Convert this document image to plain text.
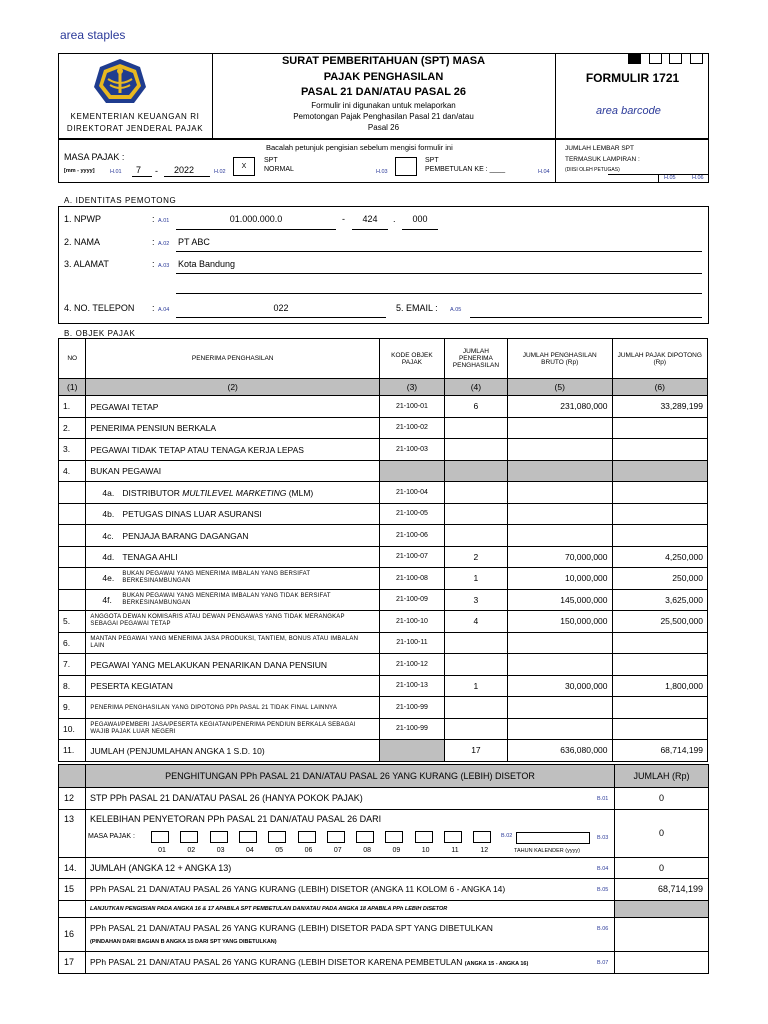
area staples
KEMENTERIAN KEUANGAN RI
DIREKTORAT JENDERAL PAJAK
SURAT PEMBERITAHUAN (SPT) MASA
PAJAK PENGHASILAN
PASAL 21 DAN/ATAU PASAL 26
Formulir ini digunakan untuk melaporkan
Pemotongan Pajak Penghasilan Pasal 21 dan/atau
Pasal 26
FORMULIR 1721
area barcode
MASA PAJAK :
[mm - yyyy]	H.01 7 - 2022	H.02
Bacalah petunjuk pengisian sebelum mengisi formulir ini
X
SPT
NORMAL	H.03
SPT
PEMBETULAN KE : ____	H.04
JUMLAH LEMBAR SPT
TERMASUK LAMPIRAN :
(DIISI OLEH PETUGAS)
H.05	H.06
A. IDENTITAS PEMOTONG
1. NPWP	: A.01	01.000.000.0	-	424	.	000
2. NAMA	: A.02 PT ABC
3. ALAMAT	: A.03 Kota Bandung
4. NO. TELEPON : A.04	022	5. EMAIL : A.05
B. OBJEK PAJAK
NO	PENERIMA PENGHASILAN	KODE OBJEK PAJAK	JUMLAH PENERIMA PENGHASILAN	JUMLAH PENGHASILAN BRUTO (Rp)	JUMLAH PAJAK DIPOTONG (Rp)
(1)	(2)	(3)	(4)	(5)	(6)
1.	PEGAWAI TETAP	21-100-01	6	231,080,000	33,289,199
2.	PENERIMA PENSIUN BERKALA	21-100-02			
3.	PEGAWAI TIDAK TETAP ATAU TENAGA KERJA LEPAS	21-100-03			
4.	BUKAN PEGAWAI				
	4a. DISTRIBUTOR MULTILEVEL MARKETING (MLM)	21-100-04			
	4b. PETUGAS DINAS LUAR ASURANSI	21-100-05			
	4c. PENJAJA BARANG DAGANGAN	21-100-06			
	4d. TENAGA AHLI	21-100-07	2	70,000,000	4,250,000
	4e. BUKAN PEGAWAI YANG MENERIMA IMBALAN YANG BERSIFAT BERKESINAMBUNGAN	21-100-08	1	10,000,000	250,000
	4f. BUKAN PEGAWAI YANG MENERIMA IMBALAN YANG TIDAK BERSIFAT BERKESINAMBUNGAN	21-100-09	3	145,000,000	3,625,000
5.	ANGGOTA DEWAN KOMISARIS ATAU DEWAN PENGAWAS YANG TIDAK MERANGKAP SEBAGAI PEGAWAI TETAP	21-100-10	4	150,000,000	25,500,000
6.	MANTAN PEGAWAI YANG MENERIMA JASA PRODUKSI, TANTIEM, BONUS ATAU IMBALAN LAIN	21-100-11			
7.	PEGAWAI YANG MELAKUKAN PENARIKAN DANA PENSIUN	21-100-12			
8.	PESERTA KEGIATAN	21-100-13	1	30,000,000	1,800,000
9.	PENERIMA PENGHASILAN YANG DIPOTONG PPh PASAL 21 TIDAK FINAL LAINNYA	21-100-99			
10.	PEGAWAI/PEMBERI JASA/PESERTA KEGIATAN/PENERIMA PENDIUN BERKALA SEBAGAI WAJIB PAJAK LUAR NEGERI	21-100-99			
11.	JUMLAH (PENJUMLAHAN ANGKA 1 S.D. 10)		17	636,080,000	68,714,199
PENGHITUNGAN PPh PASAL 21 DAN/ATAU PASAL 26 YANG KURANG (LEBIH) DISETOR	JUMLAH (Rp)
12 STP PPh PASAL 21 DAN/ATAU PASAL 26 (HANYA POKOK PAJAK)	B.01	0
13 KELEBIHAN PENYETORAN PPh PASAL 21 DAN/ATAU PASAL 26 DARI
MASA PAJAK :
01	02	03	04	05	06	07	08	09	10	11	12
B.02
TAHUN KALENDER (yyyy)
B.03	0
14. JUMLAH (ANGKA 12 + ANGKA 13)	B.04	0
15 PPh PASAL 21 DAN/ATAU PASAL 26 YANG KURANG (LEBIH) DISETOR (ANGKA 11 KOLOM 6 - ANGKA 14)	B.05	68,714,199
LANJUTKAN PENGISIAN PADA ANGKA 16 & 17 APABILA SPT PEMBETULAN DAN/ATAU PADA ANGKA 18 APABILA PPh LEBIH DISETOR
16
PPh PASAL 21 DAN/ATAU PASAL 26 YANG KURANG (LEBIH) DISETOR PADA SPT YANG DIBETULKAN
(PINDAHAN DARI BAGIAN B ANGKA 15 DARI SPT YANG DIBETULKAN)
B.06
17 PPh PASAL 21 DAN/ATAU PASAL 26 YANG KURANG (LEBIH DISETOR KARENA PEMBETULAN (ANGKA 15 - ANGKA 16)	B.07
